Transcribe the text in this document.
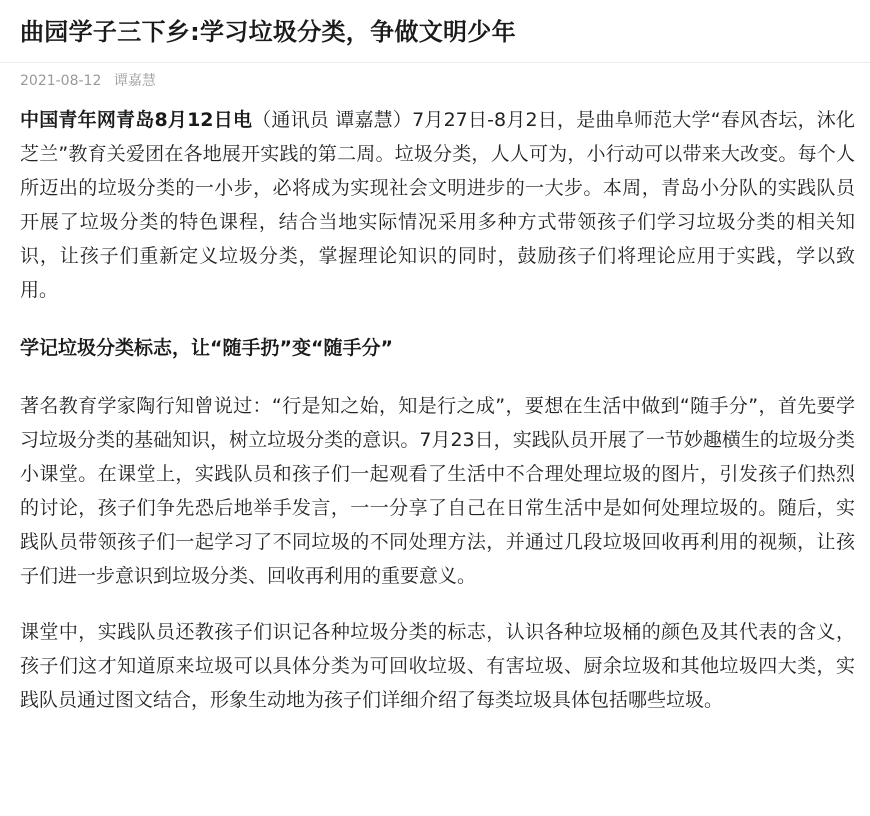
曲园学子三下乡:学习垃圾分类，争做文明少年
2021-08-12 谭嘉慧

中国青年网青岛8月12日电（通讯员 谭嘉慧）7月27日-8月2日，是曲阜师范大学“春风杏坛，沐化芝兰”教育关爱团在各地展开实践的第二周。垃圾分类，人人可为，小行动可以带来大改变。每个人所迈出的垃圾分类的一小步，必将成为实现社会文明进步的一大步。本周，青岛小分队的实践队员开展了垃圾分类的特色课程，结合当地实际情况采用多种方式带领孩子们学习垃圾分类的相关知识，让孩子们重新定义垃圾分类，掌握理论知识的同时，鼓励孩子们将理论应用于实践，学以致用。

学记垃圾分类标志，让“随手扔”变“随手分”

著名教育学家陶行知曾说过：“行是知之始，知是行之成”，要想在生活中做到“随手分”，首先要学习垃圾分类的基础知识，树立垃圾分类的意识。7月23日，实践队员开展了一节妙趣横生的垃圾分类小课堂。在课堂上，实践队员和孩子们一起观看了生活中不合理处理垃圾的图片，引发孩子们热烈的讨论，孩子们争先恐后地举手发言，一一分享了自己在日常生活中是如何处理垃圾的。随后，实践队员带领孩子们一起学习了不同垃圾的不同处理方法，并通过几段垃圾回收再利用的视频，让孩子们进一步意识到垃圾分类、回收再利用的重要意义。

课堂中，实践队员还教孩子们识记各种垃圾分类的标志，认识各种垃圾桶的颜色及其代表的含义，孩子们这才知道原来垃圾可以具体分类为可回收垃圾、有害垃圾、厨余垃圾和其他垃圾四大类，实践队员通过图文结合，形象生动地为孩子们详细介绍了每类垃圾具体包括哪些垃圾。
